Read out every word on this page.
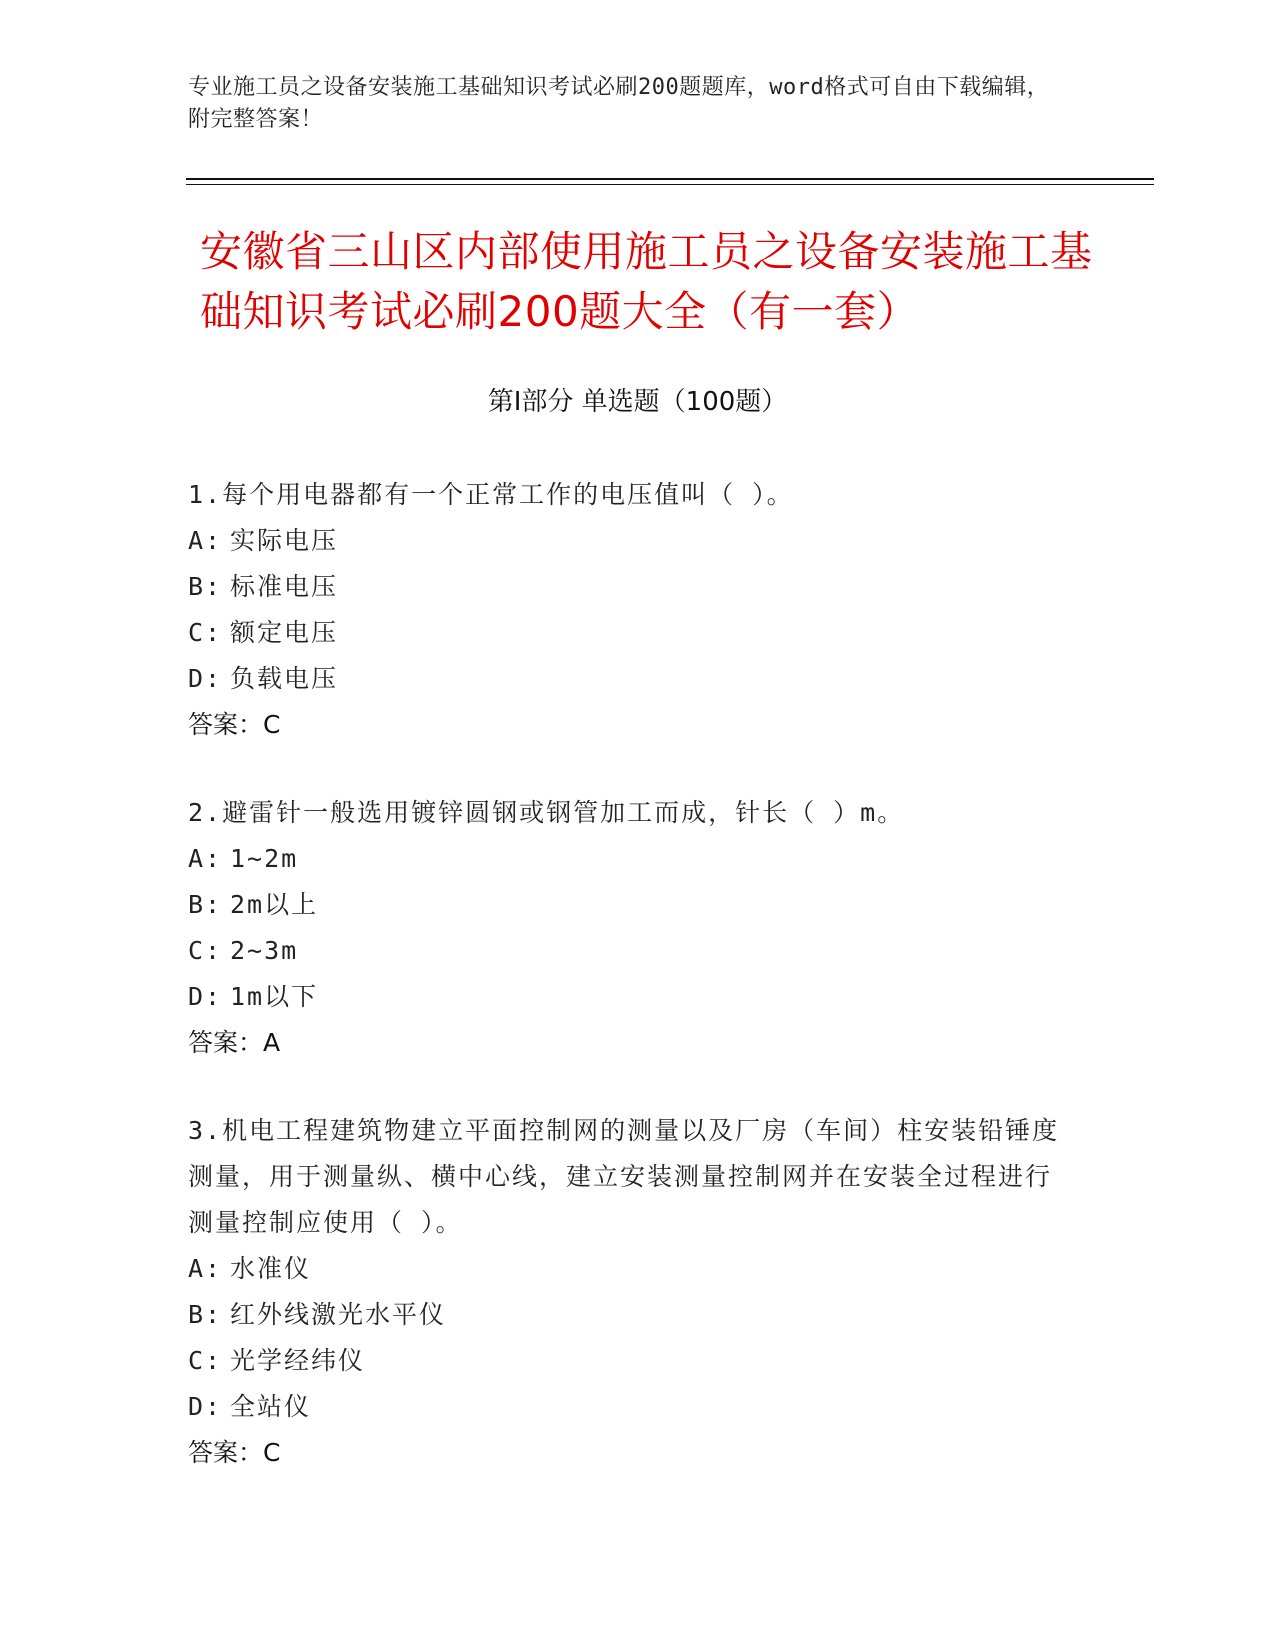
专业施工员之设备安装施工基础知识考试必刷200题题库，word格式可自由下载编辑，附完整答案！
安徽省三山区内部使用施工员之设备安装施工基础知识考试必刷200题大全（有一套）
第Ⅰ部分 单选题（100题）
1.每个用电器都有一个正常工作的电压值叫（ ）。
A: 实际电压
B: 标准电压
C: 额定电压
D: 负载电压
答案：C
2.避雷针一般选用镀锌圆钢或钢管加工而成，针长（ ）m。
A: 1~2m
B: 2m以上
C: 2~3m
D: 1m以下
答案：A
3.机电工程建筑物建立平面控制网的测量以及厂房（车间）柱安装铅锤度测量，用于测量纵、横中心线，建立安装测量控制网并在安装全过程进行测量控制应使用（ ）。
A: 水准仪
B: 红外线激光水平仪
C: 光学经纬仪
D: 全站仪
答案：C
